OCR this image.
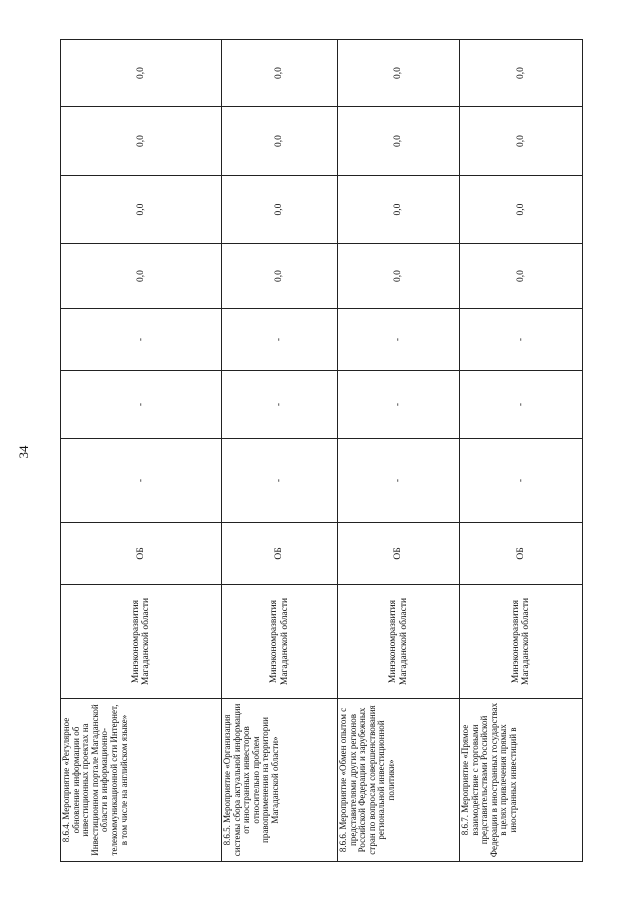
34
8.6.4. Мероприятие «Регулярное обновление информации об инвестиционных проектах на Инвестиционном портале Магаданской области в информационно-телекоммуникационной сети Интернет, в том числе на английском языке»	Минэкономразвития Магаданской области	ОБ	-	-	-	0,0	0,0	0,0	0,0
8.6.5. Мероприятие «Организация системы сбора актуальной информации от иностранных инвесторов относительно проблем правоприменения на территории Магаданской области»	Минэкономразвития Магаданской области	ОБ	-	-	-	0,0	0,0	0,0	0,0
8.6.6. Мероприятие «Обмен опытом с представителями других регионов Российской Федерации и зарубежных стран по вопросам совершенствования региональной инвестиционной политики»	Минэкономразвития Магаданской области	ОБ	-	-	-	0,0	0,0	0,0	0,0
8.6.7. Мероприятие «Прямое взаимодействие с торговыми представительствами Российской Федерации в иностранных государствах в целях привлечения прямых иностранных инвестиций в	Минэкономразвития Магаданской области	ОБ	-	-	-	0,0	0,0	0,0	0,0
